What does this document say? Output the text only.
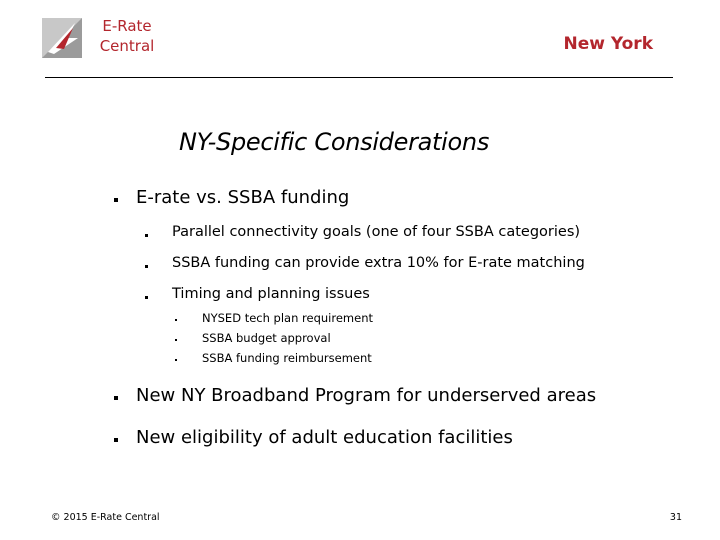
E-Rate
Central	New York
NY-Specific Considerations
E-rate vs. SSBA funding
Parallel connectivity goals (one of four SSBA categories)
SSBA funding can provide extra 10% for E-rate matching
Timing and planning issues
NYSED tech plan requirement
SSBA budget approval
SSBA funding reimbursement
New NY Broadband Program for underserved areas
New eligibility of adult education facilities
© 2015 E-Rate Central	31
